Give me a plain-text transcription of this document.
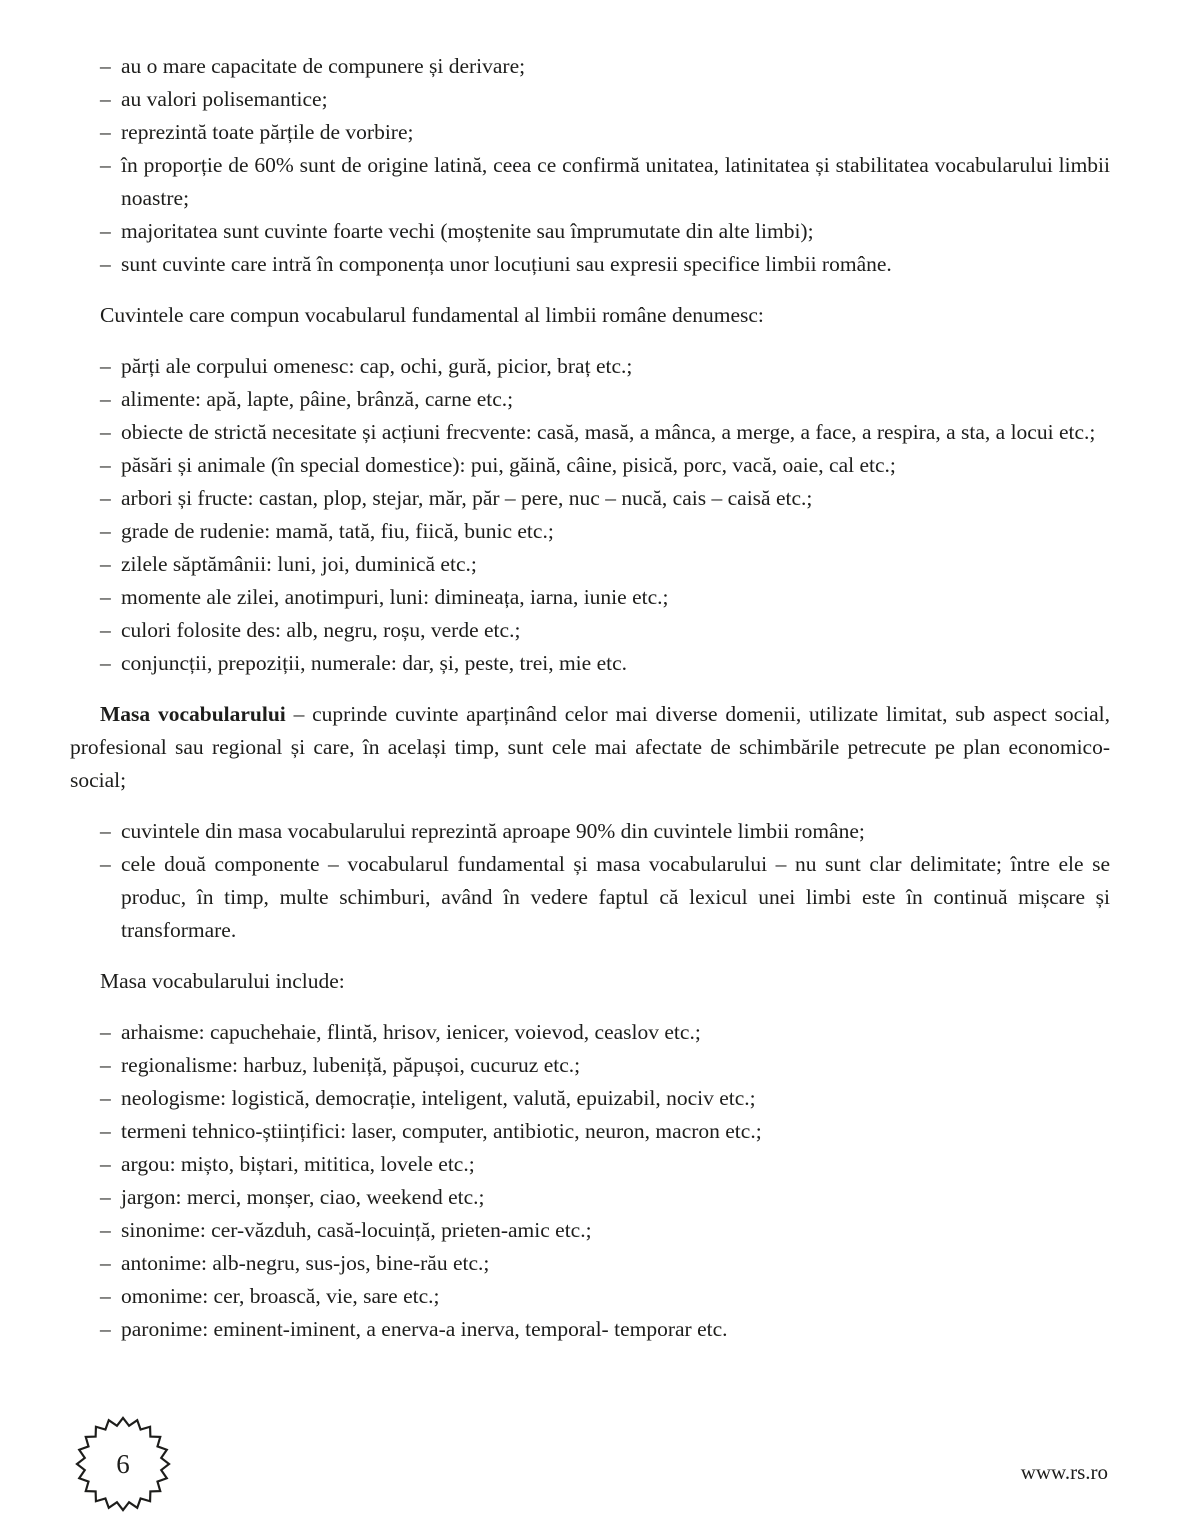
– au o mare capacitate de compunere și derivare;
– au valori polisemantice;
– reprezintă toate părțile de vorbire;
– în proporție de 60% sunt de origine latină, ceea ce confirmă unitatea, latinitatea și stabilitatea vocabularului limbii noastre;
– majoritatea sunt cuvinte foarte vechi (moștenite sau împrumutate din alte limbi);
– sunt cuvinte care intră în componența unor locuțiuni sau expresii specifice limbii române.

Cuvintele care compun vocabularul fundamental al limbii române denumesc:

– părți ale corpului omenesc: cap, ochi, gură, picior, braț etc.;
– alimente: apă, lapte, pâine, brânză, carne etc.;
– obiecte de strictă necesitate și acțiuni frecvente: casă, masă, a mânca, a merge, a face, a respira, a sta, a locui etc.;
– păsări și animale (în special domestice): pui, găină, câine, pisică, porc, vacă, oaie, cal etc.;
– arbori și fructe: castan, plop, stejar, măr, păr – pere, nuc – nucă, cais – caisă etc.;
– grade de rudenie: mamă, tată, fiu, fiică, bunic etc.;
– zilele săptămânii: luni, joi, duminică etc.;
– momente ale zilei, anotimpuri, luni: dimineața, iarna, iunie etc.;
– culori folosite des: alb, negru, roșu, verde etc.;
– conjuncții, prepoziții, numerale: dar, și, peste, trei, mie etc.

Masa vocabularului – cuprinde cuvinte aparținând celor mai diverse domenii, utilizate limitat, sub aspect social, profesional sau regional și care, în același timp, sunt cele mai afectate de schimbările petrecute pe plan economico-social;

– cuvintele din masa vocabularului reprezintă aproape 90% din cuvintele limbii române;
– cele două componente – vocabularul fundamental și masa vocabularului – nu sunt clar delimitate; între ele se produc, în timp, multe schimburi, având în vedere faptul că lexicul unei limbi este în continuă mișcare și transformare.

Masa vocabularului include:

– arhaisme: capuchehaie, flintă, hrisov, ienicer, voievod, ceaslov etc.;
– regionalisme: harbuz, lubeniță, păpușoi, cucuruz etc.;
– neologisme: logistică, democrație, inteligent, valută, epuizabil, nociv etc.;
– termeni tehnico-științifici: laser, computer, antibiotic, neuron, macron etc.;
– argou: mișto, biștari, mititica, lovele etc.;
– jargon: merci, monșer, ciao, weekend etc.;
– sinonime: cer-văzduh, casă-locuință, prieten-amic etc.;
– antonime: alb-negru, sus-jos, bine-rău etc.;
– omonime: cer, broască, vie, sare etc.;
– paronime: eminent-iminent, a enerva-a inerva, temporal- temporar etc.
6	www.rs.ro
